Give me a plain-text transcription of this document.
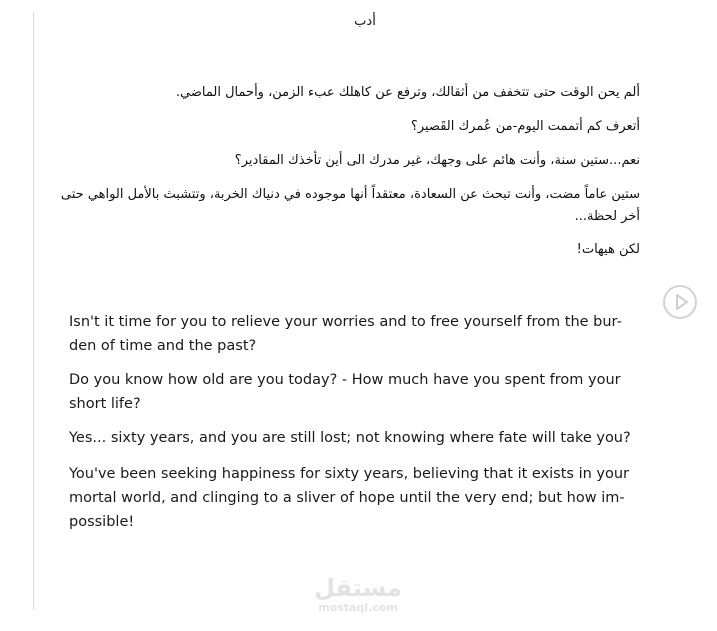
أدب
ألم يحن الوقت حتى تتخفف من أثقالك، وترفع عن كاهلك عبء الزمن، وأحمال الماضي.
أتعرف كم أتممت اليوم-من عُمرك القَصير؟
نعم...ستين سنة، وأنت هائم على وجهك، غير مدرك الى أين تأخذك المقادير؟
ستين عاماً مضت، وأنت تبحث عن السعادة، معتقداً أنها موجوده في دنياك الخربة، وتتشبث بالأمل الواهي حتى أخر لحظة...
لكن هيهات!
Isn't it time for you to relieve your worries and to free yourself from the bur-den of time and the past?
Do you know how old are you today? - How much have you spent from your short life?
Yes... sixty years, and you are still lost; not knowing where fate will take you?
You've been seeking happiness for sixty years, believing that it exists in your mortal world, and clinging to a sliver of hope until the very end; but how im-possible!
مستقل
mostaql.com
